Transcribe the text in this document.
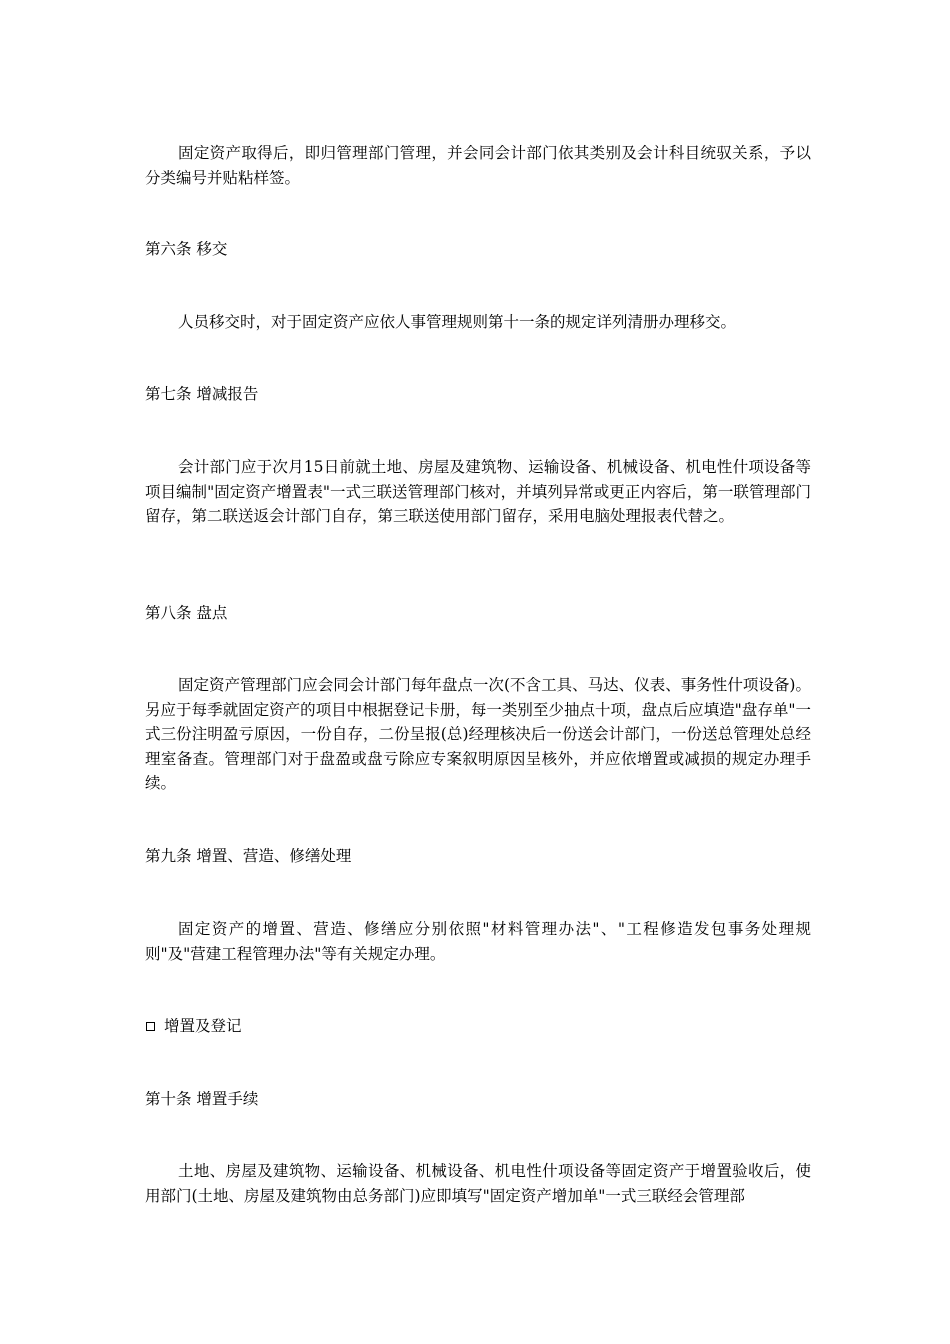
固定资产取得后，即归管理部门管理，并会同会计部门依其类别及会计科目统驭关系，予以分类编号并贴粘样签。

第六条 移交

人员移交时，对于固定资产应依人事管理规则第十一条的规定详列清册办理移交。

第七条 增减报告

会计部门应于次月15日前就土地、房屋及建筑物、运输设备、机械设备、机电性什项设备等项目编制"固定资产增置表"一式三联送管理部门核对，并填列异常或更正内容后，第一联管理部门留存，第二联送返会计部门自存，第三联送使用部门留存，采用电脑处理报表代替之。

第八条 盘点

固定资产管理部门应会同会计部门每年盘点一次(不含工具、马达、仪表、事务性什项设备)。另应于每季就固定资产的项目中根据登记卡册，每一类别至少抽点十项，盘点后应填造"盘存单"一式三份注明盈亏原因，一份自存，二份呈报(总)经理核决后一份送会计部门，一份送总管理处总经理室备查。管理部门对于盘盈或盘亏除应专案叙明原因呈核外，并应依增置或减损的规定办理手续。

第九条 增置、营造、修缮处理

固定资产的增置、营造、修缮应分别依照"材料管理办法"、"工程修造发包事务处理规则"及"营建工程管理办法"等有关规定办理。

增置及登记

第十条 增置手续

土地、房屋及建筑物、运输设备、机械设备、机电性什项设备等固定资产于增置验收后，使用部门(土地、房屋及建筑物由总务部门)应即填写"固定资产增加单"一式三联经会管理部
